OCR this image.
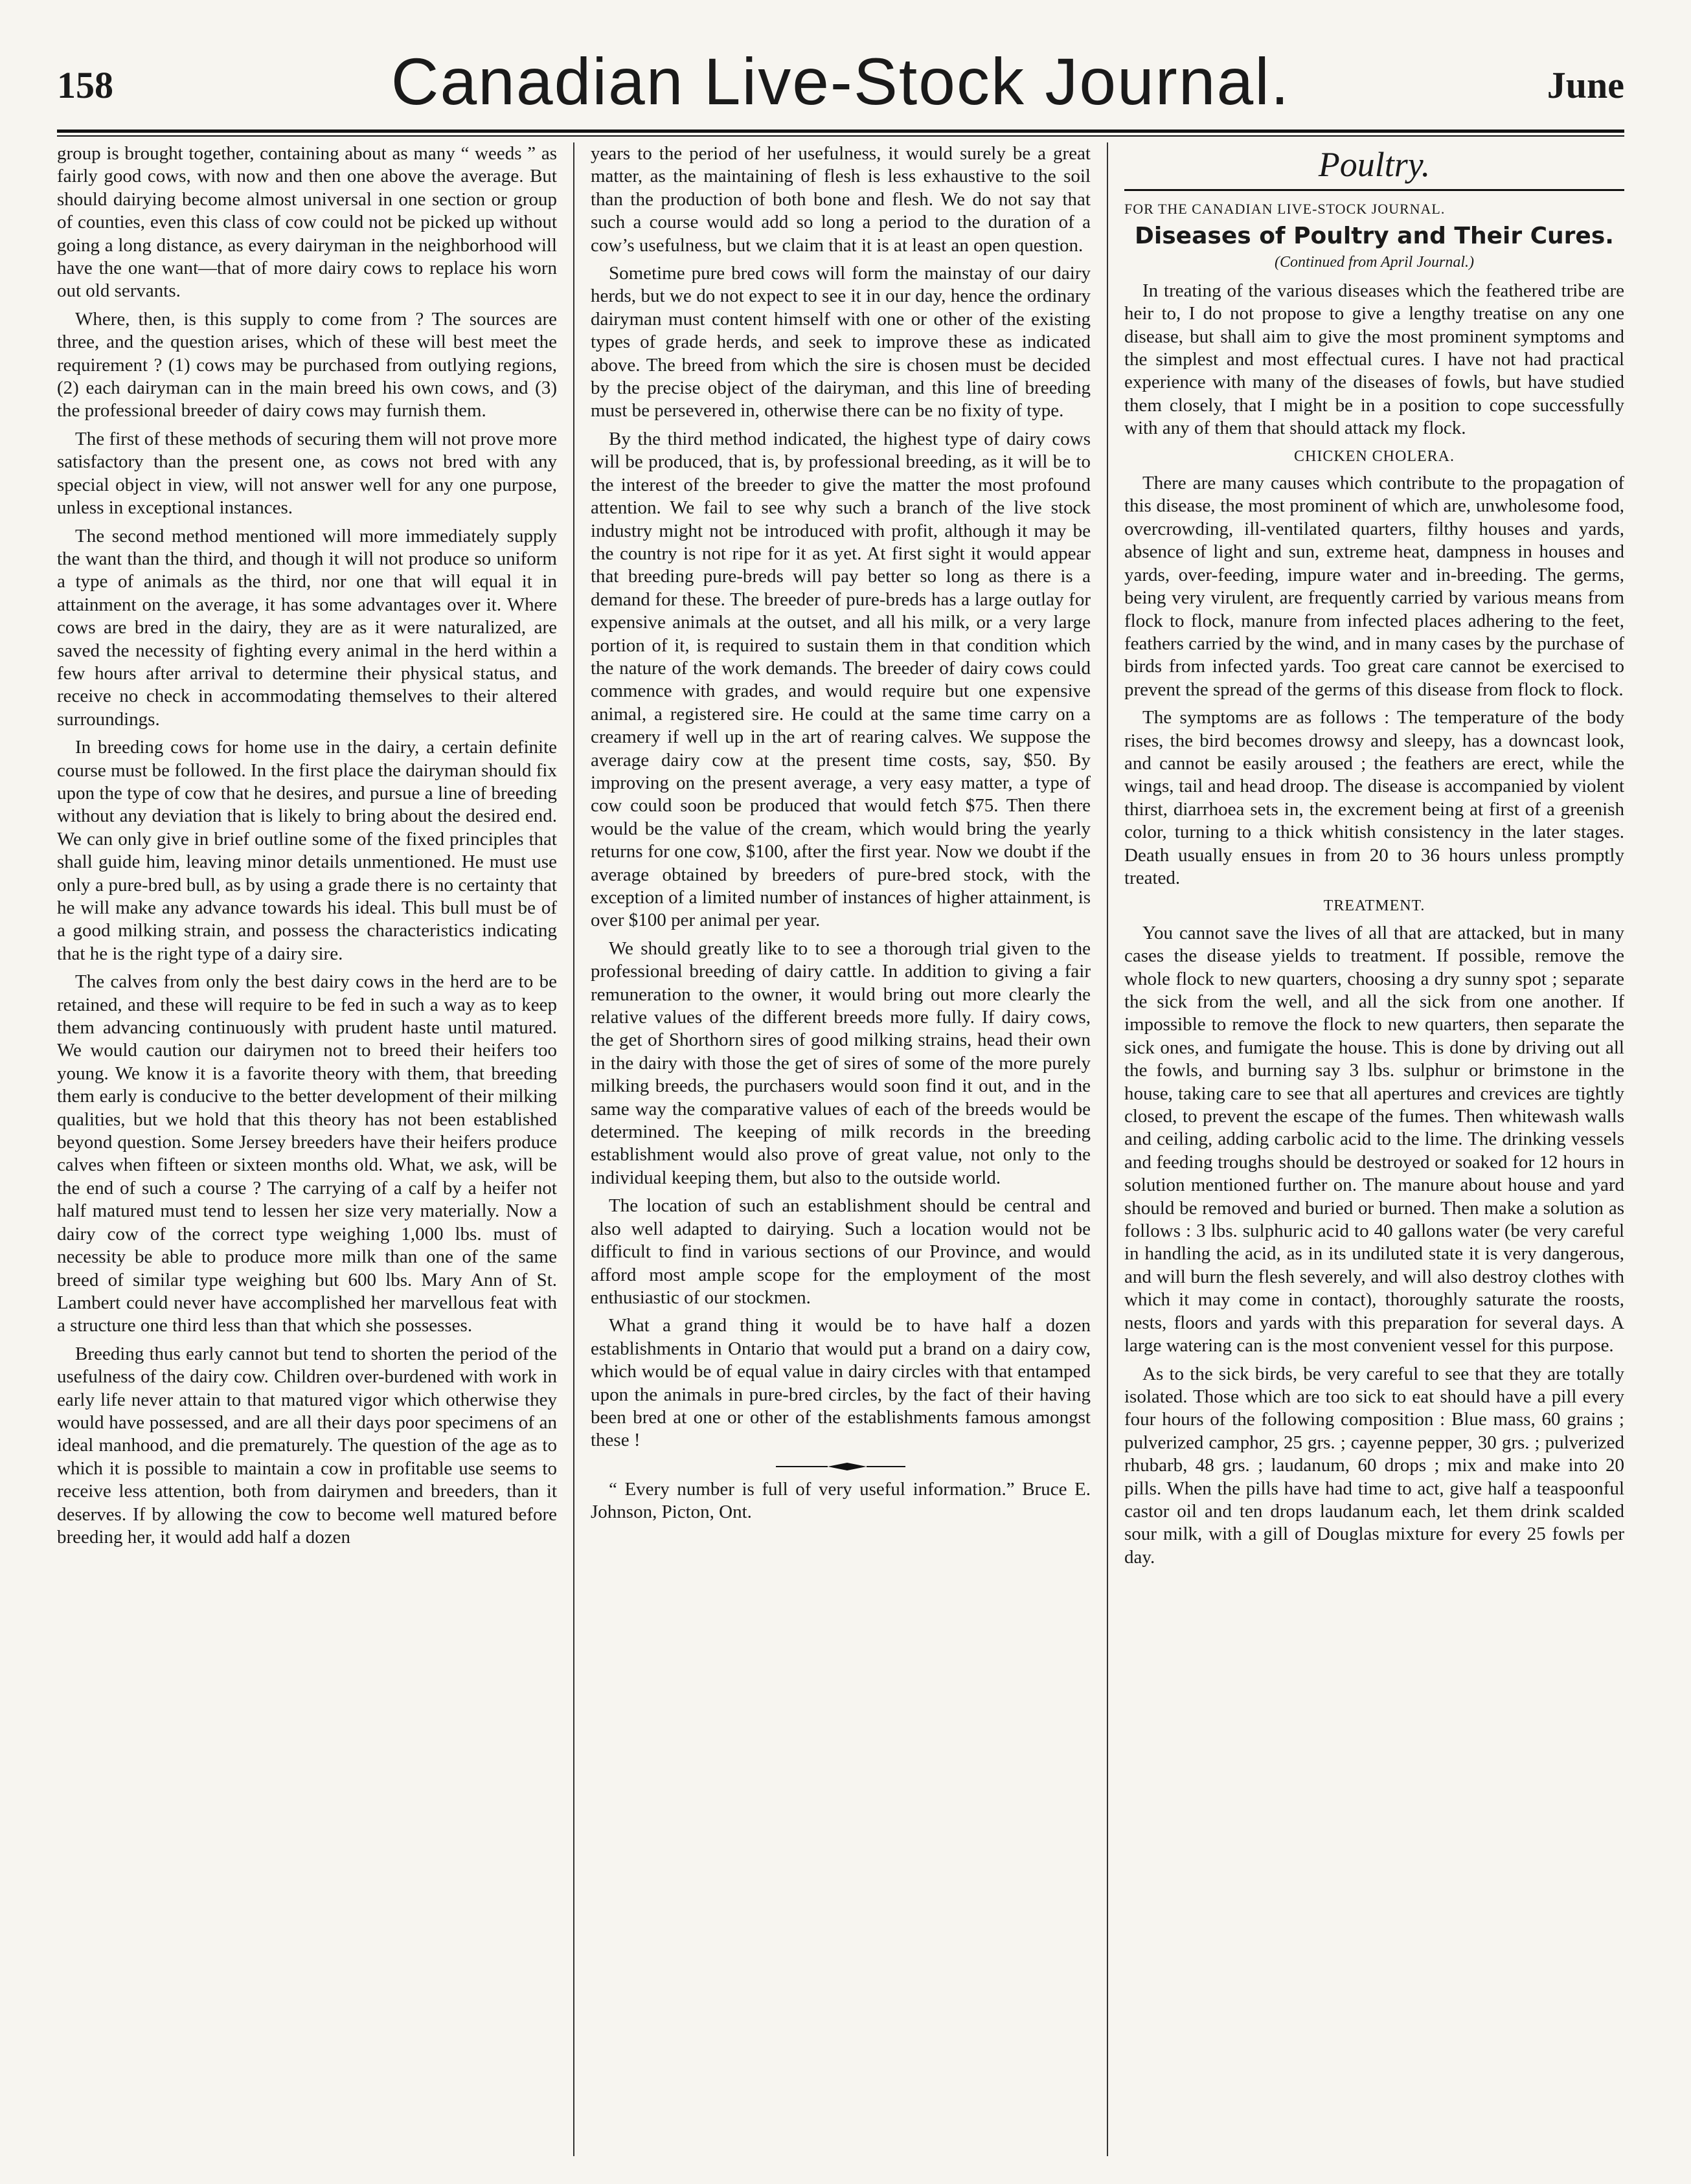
158	Canadian Live-Stock Journal.	June

group is brought together, containing about as many “ weeds ” as fairly good cows, with now and then one above the average. But should dairying become almost universal in one section or group of counties, even this class of cow could not be picked up without going a long distance, as every dairyman in the neighborhood will have the one want—that of more dairy cows to replace his worn out old servants.

Where, then, is this supply to come from ? The sources are three, and the question arises, which of these will best meet the requirement ? (1) cows may be purchased from outlying regions, (2) each dairyman can in the main breed his own cows, and (3) the professional breeder of dairy cows may furnish them.

The first of these methods of securing them will not prove more satisfactory than the present one, as cows not bred with any special object in view, will not answer well for any one purpose, unless in exceptional instances.

The second method mentioned will more immediately supply the want than the third, and though it will not produce so uniform a type of animals as the third, nor one that will equal it in attainment on the average, it has some advantages over it. Where cows are bred in the dairy, they are as it were naturalized, are saved the necessity of fighting every animal in the herd within a few hours after arrival to determine their physical status, and receive no check in accommodating themselves to their altered surroundings.

In breeding cows for home use in the dairy, a certain definite course must be followed. In the first place the dairyman should fix upon the type of cow that he desires, and pursue a line of breeding without any deviation that is likely to bring about the desired end. We can only give in brief outline some of the fixed principles that shall guide him, leaving minor details unmentioned. He must use only a pure-bred bull, as by using a grade there is no certainty that he will make any advance towards his ideal. This bull must be of a good milking strain, and possess the characteristics indicating that he is the right type of a dairy sire.

The calves from only the best dairy cows in the herd are to be retained, and these will require to be fed in such a way as to keep them advancing continuously with prudent haste until matured. We would caution our dairymen not to breed their heifers too young. We know it is a favorite theory with them, that breeding them early is conducive to the better development of their milking qualities, but we hold that this theory has not been established beyond question. Some Jersey breeders have their heifers produce calves when fifteen or sixteen months old. What, we ask, will be the end of such a course ? The carrying of a calf by a heifer not half matured must tend to lessen her size very materially. Now a dairy cow of the correct type weighing 1,000 lbs. must of necessity be able to produce more milk than one of the same breed of similar type weighing but 600 lbs. Mary Ann of St. Lambert could never have accomplished her marvellous feat with a structure one third less than that which she possesses.

Breeding thus early cannot but tend to shorten the period of the usefulness of the dairy cow. Children over-burdened with work in early life never attain to that matured vigor which otherwise they would have possessed, and are all their days poor specimens of an ideal manhood, and die prematurely. The question of the age as to which it is possible to maintain a cow in profitable use seems to receive less attention, both from dairymen and breeders, than it deserves. If by allowing the cow to become well matured before breeding her, it would add half a dozen

years to the period of her usefulness, it would surely be a great matter, as the maintaining of flesh is less exhaustive to the soil than the production of both bone and flesh. We do not say that such a course would add so long a period to the duration of a cow’s usefulness, but we claim that it is at least an open question.

Sometime pure bred cows will form the mainstay of our dairy herds, but we do not expect to see it in our day, hence the ordinary dairyman must content himself with one or other of the existing types of grade herds, and seek to improve these as indicated above. The breed from which the sire is chosen must be decided by the precise object of the dairyman, and this line of breeding must be persevered in, otherwise there can be no fixity of type.

By the third method indicated, the highest type of dairy cows will be produced, that is, by professional breeding, as it will be to the interest of the breeder to give the matter the most profound attention. We fail to see why such a branch of the live stock industry might not be introduced with profit, although it may be the country is not ripe for it as yet. At first sight it would appear that breeding pure-breds will pay better so long as there is a demand for these. The breeder of pure-breds has a large outlay for expensive animals at the outset, and all his milk, or a very large portion of it, is required to sustain them in that condition which the nature of the work demands. The breeder of dairy cows could commence with grades, and would require but one expensive animal, a registered sire. He could at the same time carry on a creamery if well up in the art of rearing calves. We suppose the average dairy cow at the present time costs, say, $50. By improving on the present average, a very easy matter, a type of cow could soon be produced that would fetch $75. Then there would be the value of the cream, which would bring the yearly returns for one cow, $100, after the first year. Now we doubt if the average obtained by breeders of pure-bred stock, with the exception of a limited number of instances of higher attainment, is over $100 per animal per year.

We should greatly like to to see a thorough trial given to the professional breeding of dairy cattle. In addition to giving a fair remuneration to the owner, it would bring out more clearly the relative values of the different breeds more fully. If dairy cows, the get of Shorthorn sires of good milking strains, head their own in the dairy with those the get of sires of some of the more purely milking breeds, the purchasers would soon find it out, and in the same way the comparative values of each of the breeds would be determined. The keeping of milk records in the breeding establishment would also prove of great value, not only to the individual keeping them, but also to the outside world.

The location of such an establishment should be central and also well adapted to dairying. Such a location would not be difficult to find in various sections of our Province, and would afford most ample scope for the employment of the most enthusiastic of our stockmen.

What a grand thing it would be to have half a dozen establishments in Ontario that would put a brand on a dairy cow, which would be of equal value in dairy circles with that entamped upon the animals in pure-bred circles, by the fact of their having been bred at one or other of the establishments famous amongst these !

“ Every number is full of very useful information.” Bruce E. Johnson, Picton, Ont.

Poultry.
FOR THE CANADIAN LIVE-STOCK JOURNAL.
Diseases of Poultry and Their Cures.
(Continued from April Journal.)

In treating of the various diseases which the feathered tribe are heir to, I do not propose to give a lengthy treatise on any one disease, but shall aim to give the most prominent symptoms and the simplest and most effectual cures. I have not had practical experience with many of the diseases of fowls, but have studied them closely, that I might be in a position to cope successfully with any of them that should attack my flock.

CHICKEN CHOLERA.

There are many causes which contribute to the propagation of this disease, the most prominent of which are, unwholesome food, overcrowding, ill-ventilated quarters, filthy houses and yards, absence of light and sun, extreme heat, dampness in houses and yards, over-feeding, impure water and in-breeding. The germs, being very virulent, are frequently carried by various means from flock to flock, manure from infected places adhering to the feet, feathers carried by the wind, and in many cases by the purchase of birds from infected yards. Too great care cannot be exercised to prevent the spread of the germs of this disease from flock to flock.

The symptoms are as follows : The temperature of the body rises, the bird becomes drowsy and sleepy, has a downcast look, and cannot be easily aroused ; the feathers are erect, while the wings, tail and head droop. The disease is accompanied by violent thirst, diarrhoea sets in, the excrement being at first of a greenish color, turning to a thick whitish consistency in the later stages. Death usually ensues in from 20 to 36 hours unless promptly treated.

TREATMENT.

You cannot save the lives of all that are attacked, but in many cases the disease yields to treatment. If possible, remove the whole flock to new quarters, choosing a dry sunny spot ; separate the sick from the well, and all the sick from one another. If impossible to remove the flock to new quarters, then separate the sick ones, and fumigate the house. This is done by driving out all the fowls, and burning say 3 lbs. sulphur or brimstone in the house, taking care to see that all apertures and crevices are tightly closed, to prevent the escape of the fumes. Then whitewash walls and ceiling, adding carbolic acid to the lime. The drinking vessels and feeding troughs should be destroyed or soaked for 12 hours in solution mentioned further on. The manure about house and yard should be removed and buried or burned. Then make a solution as follows : 3 lbs. sulphuric acid to 40 gallons water (be very careful in handling the acid, as in its undiluted state it is very dangerous, and will burn the flesh severely, and will also destroy clothes with which it may come in contact), thoroughly saturate the roosts, nests, floors and yards with this preparation for several days. A large watering can is the most convenient vessel for this purpose.

As to the sick birds, be very careful to see that they are totally isolated. Those which are too sick to eat should have a pill every four hours of the following composition : Blue mass, 60 grains ; pulverized camphor, 25 grs. ; cayenne pepper, 30 grs. ; pulverized rhubarb, 48 grs. ; laudanum, 60 drops ; mix and make into 20 pills. When the pills have had time to act, give half a teaspoonful castor oil and ten drops laudanum each, let them drink scalded sour milk, with a gill of Douglas mixture for every 25 fowls per day.
